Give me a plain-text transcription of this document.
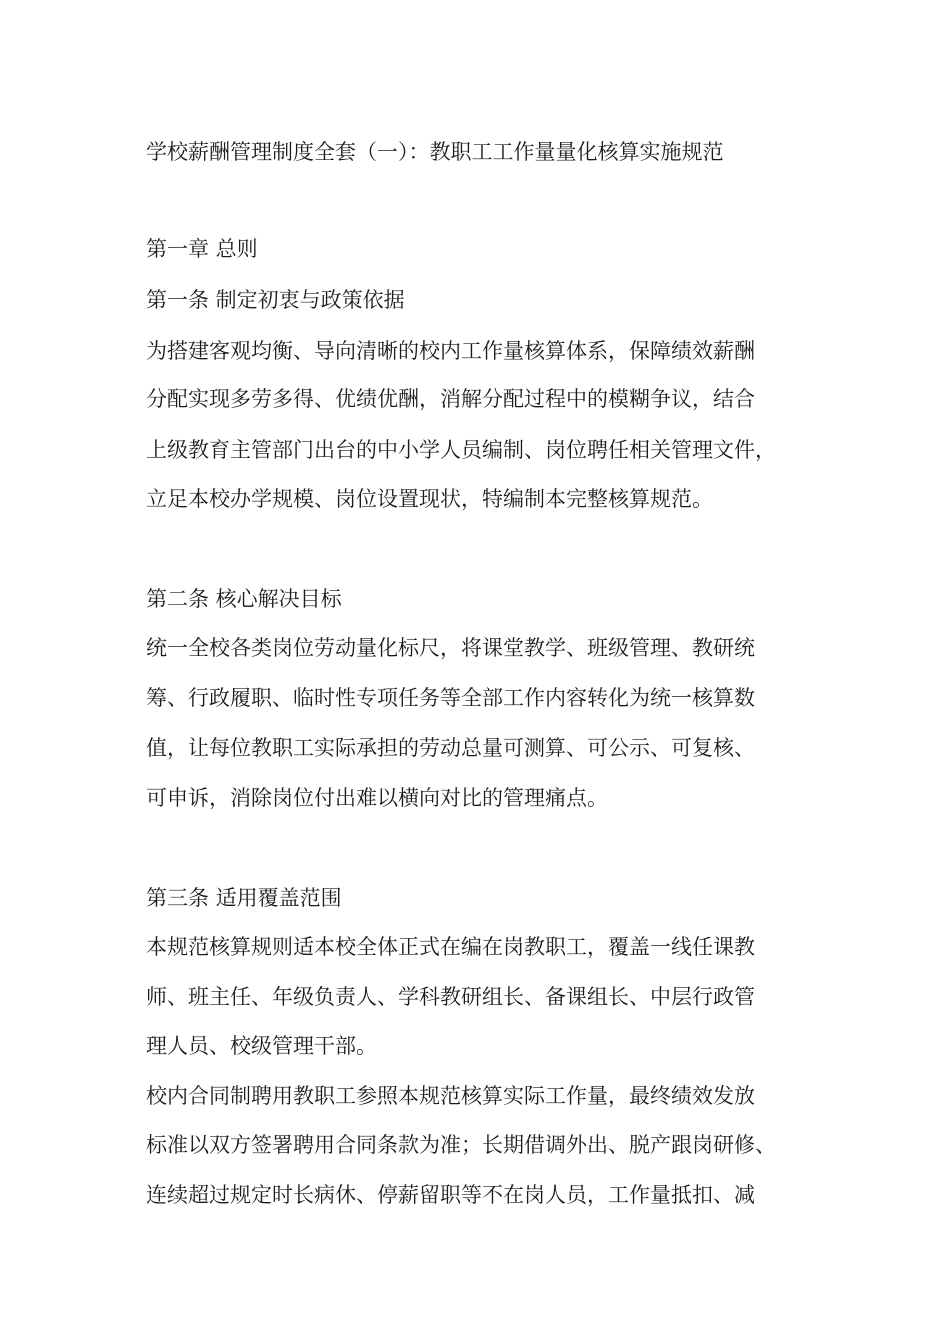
学校薪酬管理制度全套（一）：教职工工作量量化核算实施规范
第一章 总则
第一条 制定初衷与政策依据
为搭建客观均衡、导向清晰的校内工作量核算体系，保障绩效薪酬
分配实现多劳多得、优绩优酬，消解分配过程中的模糊争议，结合
上级教育主管部门出台的中小学人员编制、岗位聘任相关管理文件，
立足本校办学规模、岗位设置现状，特编制本完整核算规范。
第二条 核心解决目标
统一全校各类岗位劳动量化标尺，将课堂教学、班级管理、教研统
筹、行政履职、临时性专项任务等全部工作内容转化为统一核算数
值，让每位教职工实际承担的劳动总量可测算、可公示、可复核、
可申诉，消除岗位付出难以横向对比的管理痛点。
第三条 适用覆盖范围
本规范核算规则适本校全体正式在编在岗教职工，覆盖一线任课教
师、班主任、年级负责人、学科教研组长、备课组长、中层行政管
理人员、校级管理干部。
校内合同制聘用教职工参照本规范核算实际工作量，最终绩效发放
标准以双方签署聘用合同条款为准；长期借调外出、脱产跟岗研修、
连续超过规定时长病休、停薪留职等不在岗人员，工作量抵扣、减
